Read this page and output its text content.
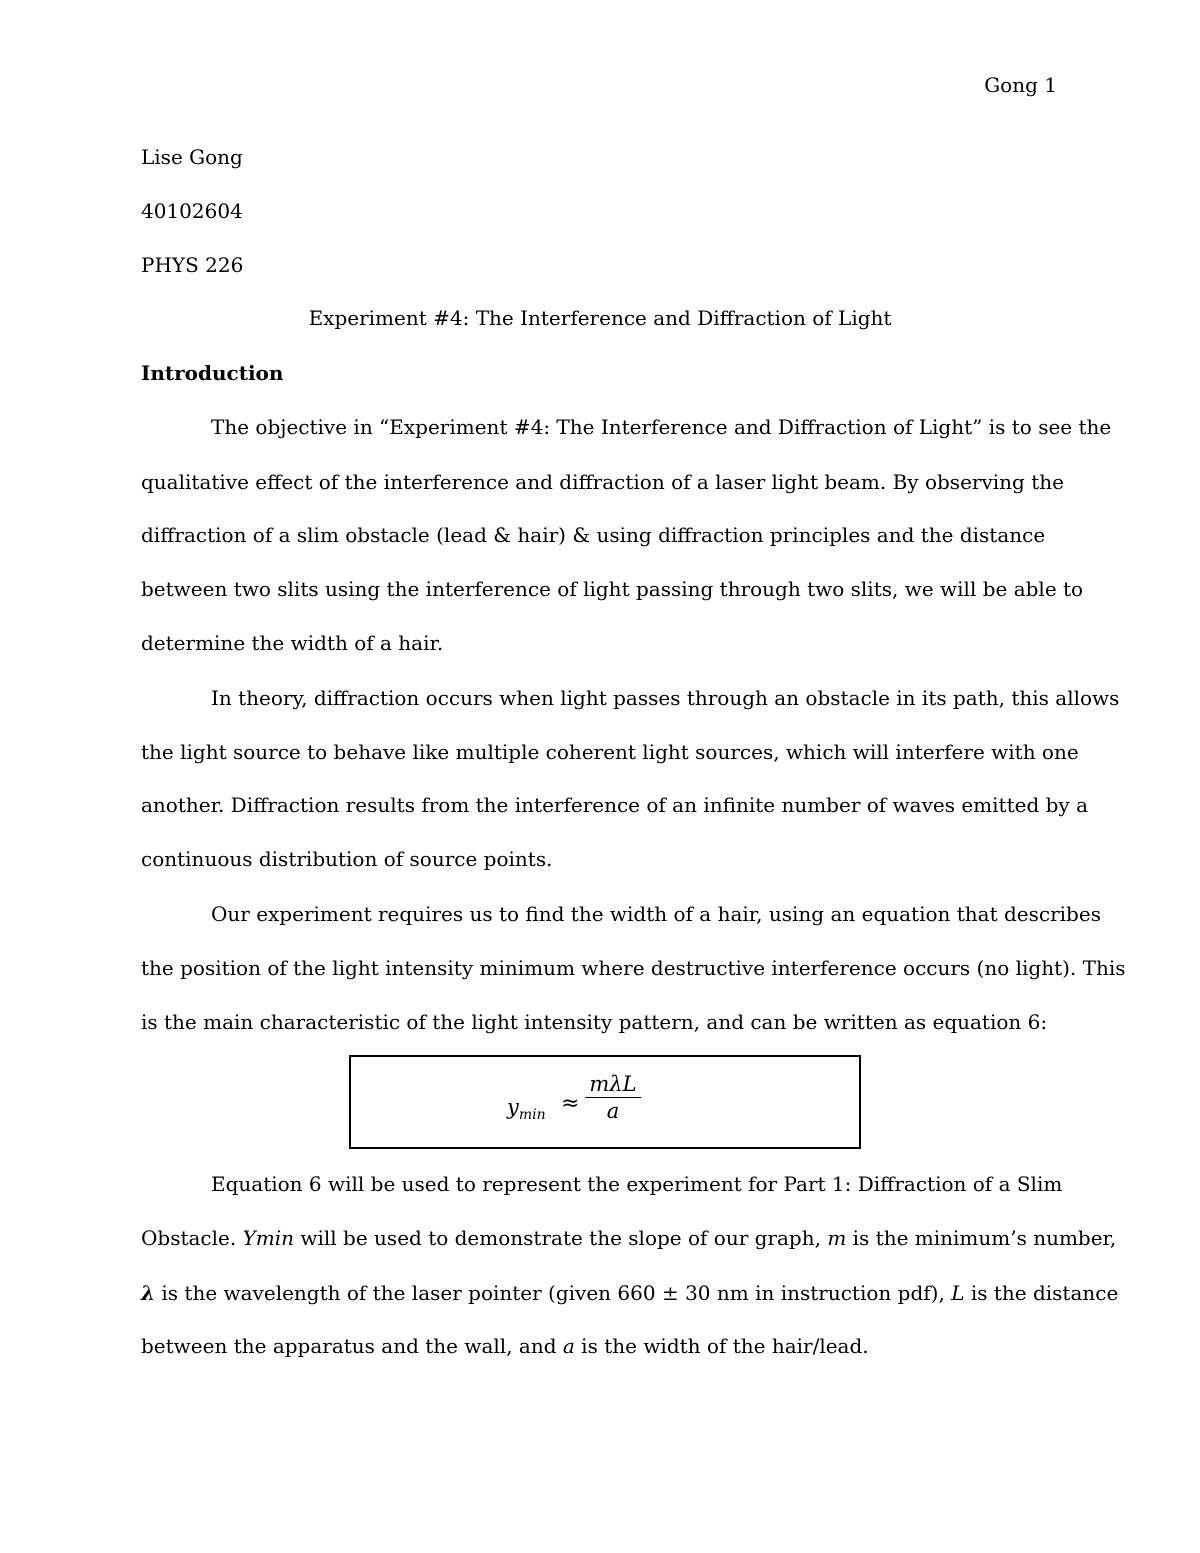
Gong 1

Lise Gong

40102604

PHYS 226

Experiment #4: The Interference and Diffraction of Light

Introduction

The objective in “Experiment #4: The Interference and Diffraction of Light” is to see the

qualitative effect of the interference and diffraction of a laser light beam. By observing the

diffraction of a slim obstacle (lead & hair) & using diffraction principles and the distance

between two slits using the interference of light passing through two slits, we will be able to

determine the width of a hair.

In theory, diffraction occurs when light passes through an obstacle in its path, this allows

the light source to behave like multiple coherent light sources, which will interfere with one

another. Diffraction results from the interference of an infinite number of waves emitted by a

continuous distribution of source points.

Our experiment requires us to find the width of a hair, using an equation that describes

the position of the light intensity minimum where destructive interference occurs (no light). This

is the main characteristic of the light intensity pattern, and can be written as equation 6:

$y_{min}$ ≈
mλL
a

Equation 6 will be used to represent the experiment for Part 1: Diffraction of a Slim

Obstacle. Ymin will be used to demonstrate the slope of our graph, m is the minimum’s number,

λ is the wavelength of the laser pointer (given 660 ± 30 nm in instruction pdf), L is the distance

between the apparatus and the wall, and a is the width of the hair/lead.
